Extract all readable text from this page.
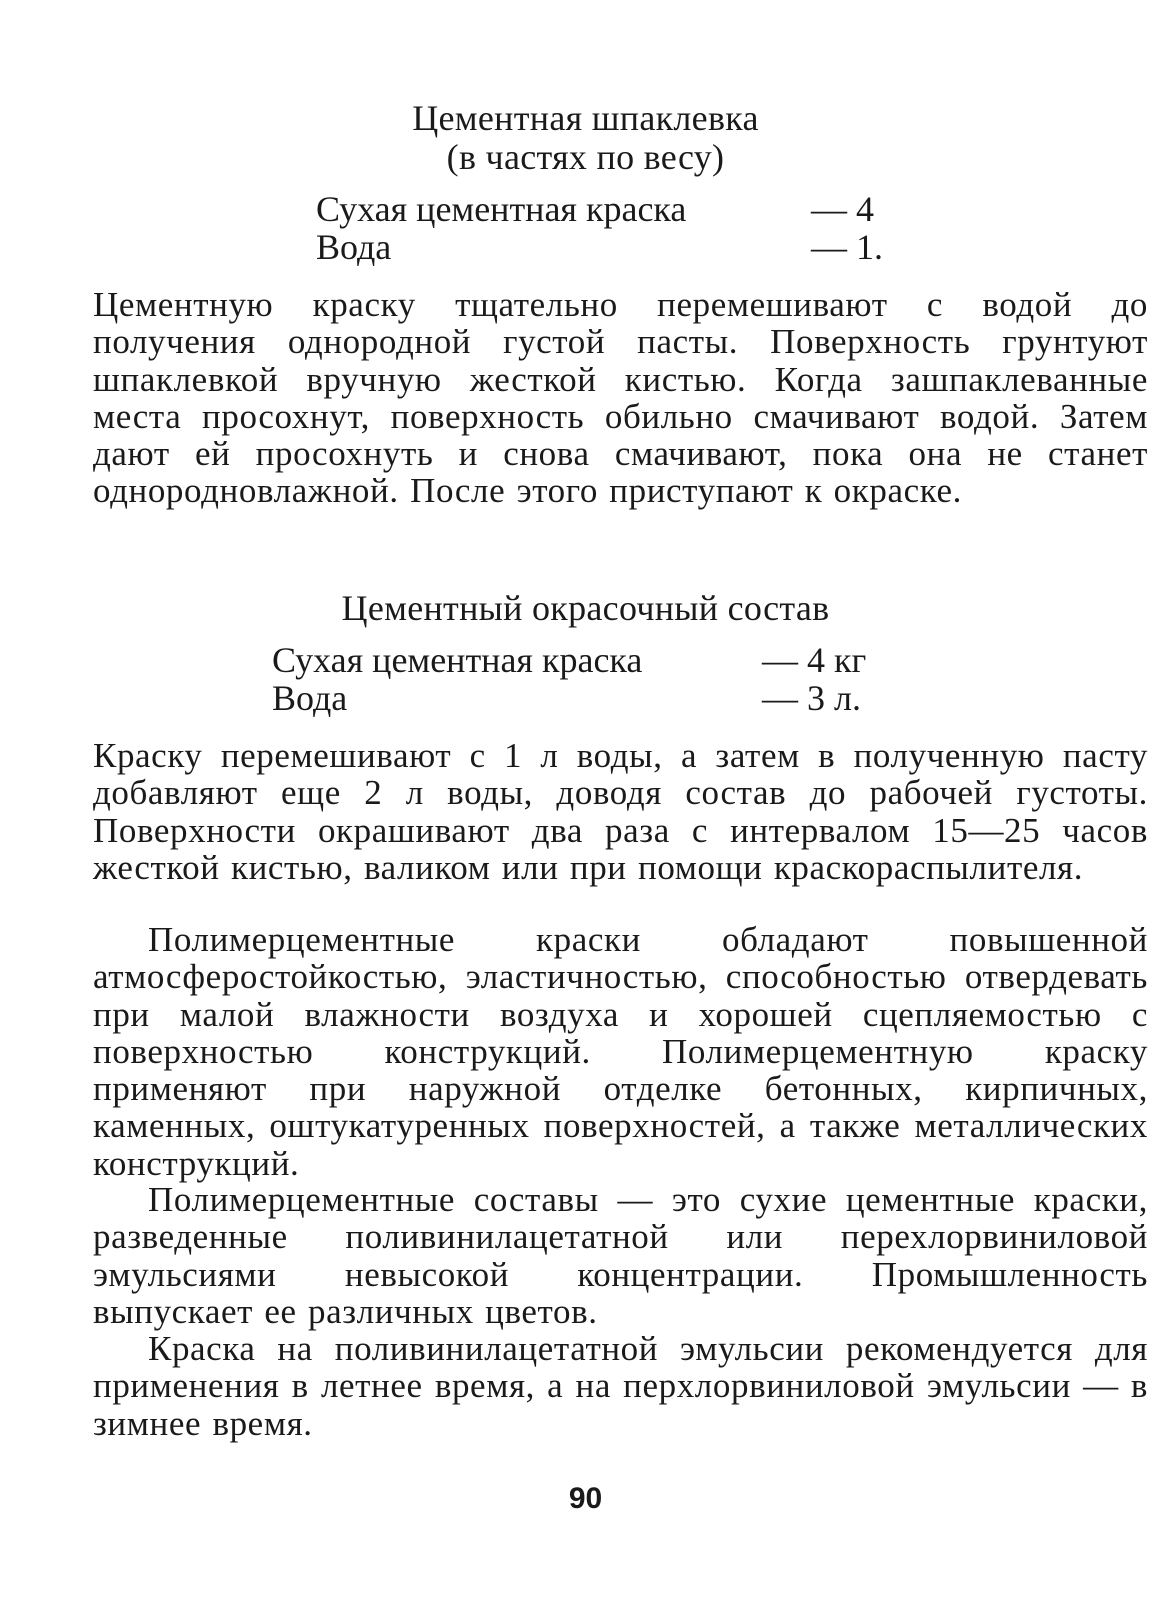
Цементная шпаклевка
(в частях по весу)
Сухая цементная краска	— 4
Вода	— 1.

Цементную краску тщательно перемешивают с водой до получения однородной густой пасты. Поверхность грунтуют шпаклевкой вручную жесткой кистью. Когда зашпаклеванные места просохнут, поверхность обильно смачивают водой. Затем дают ей просохнуть и снова смачивают, пока она не станет однородновлажной. После этого приступают к окраске.

Цементный окрасочный состав
Сухая цементная краска	— 4 кг
Вода	— 3 л.

Краску перемешивают с 1 л воды, а затем в полученную пасту добавляют еще 2 л воды, доводя состав до рабочей густоты. Поверхности окрашивают два раза с интервалом 15—25 часов жесткой кистью, валиком или при помощи краскораспылителя.

Полимерцементные краски обладают повышенной атмосферостойкостью, эластичностью, способностью отвердевать при малой влажности воздуха и хорошей сцепляемостью с поверхностью конструкций. Полимерцементную краску применяют при наружной отделке бетонных, кирпичных, каменных, оштукатуренных поверхностей, а также металлических конструкций.

Полимерцементные составы — это сухие цементные краски, разведенные поливинилацетатной или перехлорвиниловой эмульсиями невысокой концентрации. Промышленность выпускает ее различных цветов.

Краска на поливинилацетатной эмульсии рекомендуется для применения в летнее время, а на перхлорвиниловой эмульсии — в зимнее время.

90
